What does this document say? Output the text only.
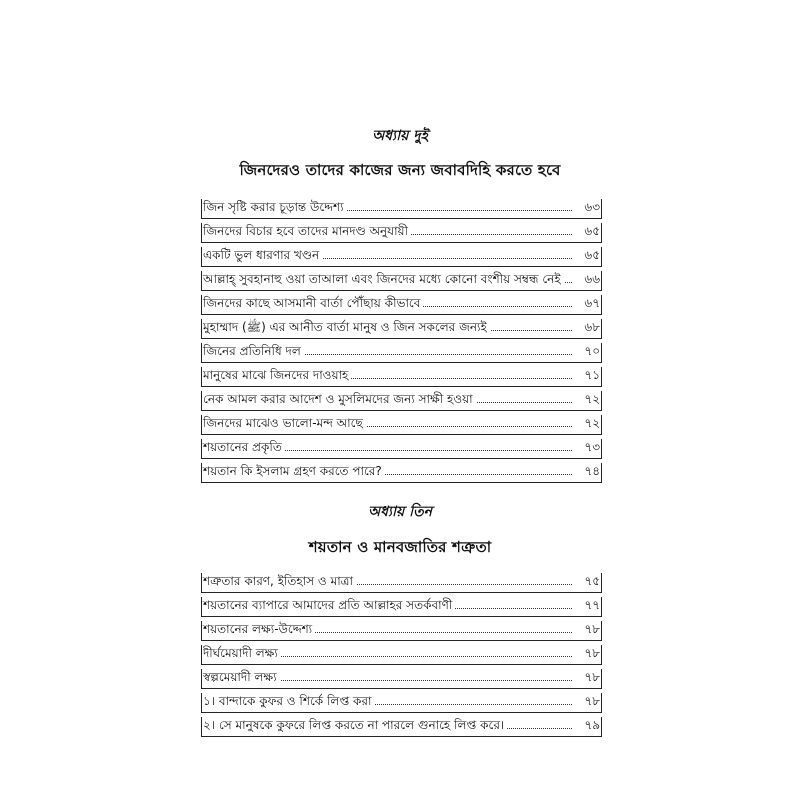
অধ্যায় দুই
জিনদেরও তাদের কাজের জন্য জবাবদিহি করতে হবে
জিন সৃষ্টি করার চূড়ান্ত উদ্দেশ্য	৬৩
জিনদের বিচার হবে তাদের মানদণ্ড অনুযায়ী	৬৫
একটি ভুল ধারণার খণ্ডন	৬৫
আল্লাহ্ সুবহানাহু ওয়া তাআলা এবং জিনদের মধ্যে কোনো বংশীয় সম্বন্ধ নেই ৬৬
জিনদের কাছে আসমানী বার্তা পৌঁছায় কীভাবে	৬৭
মুহাম্মাদ (ﷺ) এর আনীত বার্তা মানুষ ও জিন সকলের জন্যই	৬৮
জিনের প্রতিনিধি দল	৭০
মানুষের মাঝে জিনদের দাওয়াহ	৭১
নেক আমল করার আদেশ ও মুসলিমদের জন্য সাক্ষী হওয়া	৭২
জিনদের মাঝেও ভালো-মন্দ আছে	৭২
শয়তানের প্রকৃতি	৭৩
শয়তান কি ইসলাম গ্রহণ করতে পারে?	৭৪
অধ্যায় তিন
শয়তান ও মানবজাতির শত্রুতা
শত্রুতার কারণ, ইতিহাস ও মাত্রা	৭৫
শয়তানের ব্যাপারে আমাদের প্রতি আল্লাহর সতর্কবাণী	৭৭
শয়তানের লক্ষ্য-উদ্দেশ্য	৭৮
দীর্ঘমেয়াদী লক্ষ্য	৭৮
স্বল্পমেয়াদী লক্ষ্য	৭৮
১। বান্দাকে কুফর ও শির্কে লিপ্ত করা	৭৮
২। সে মানুষকে কুফরে লিপ্ত করতে না পারলে গুনাহে লিপ্ত করে।	৭৯
